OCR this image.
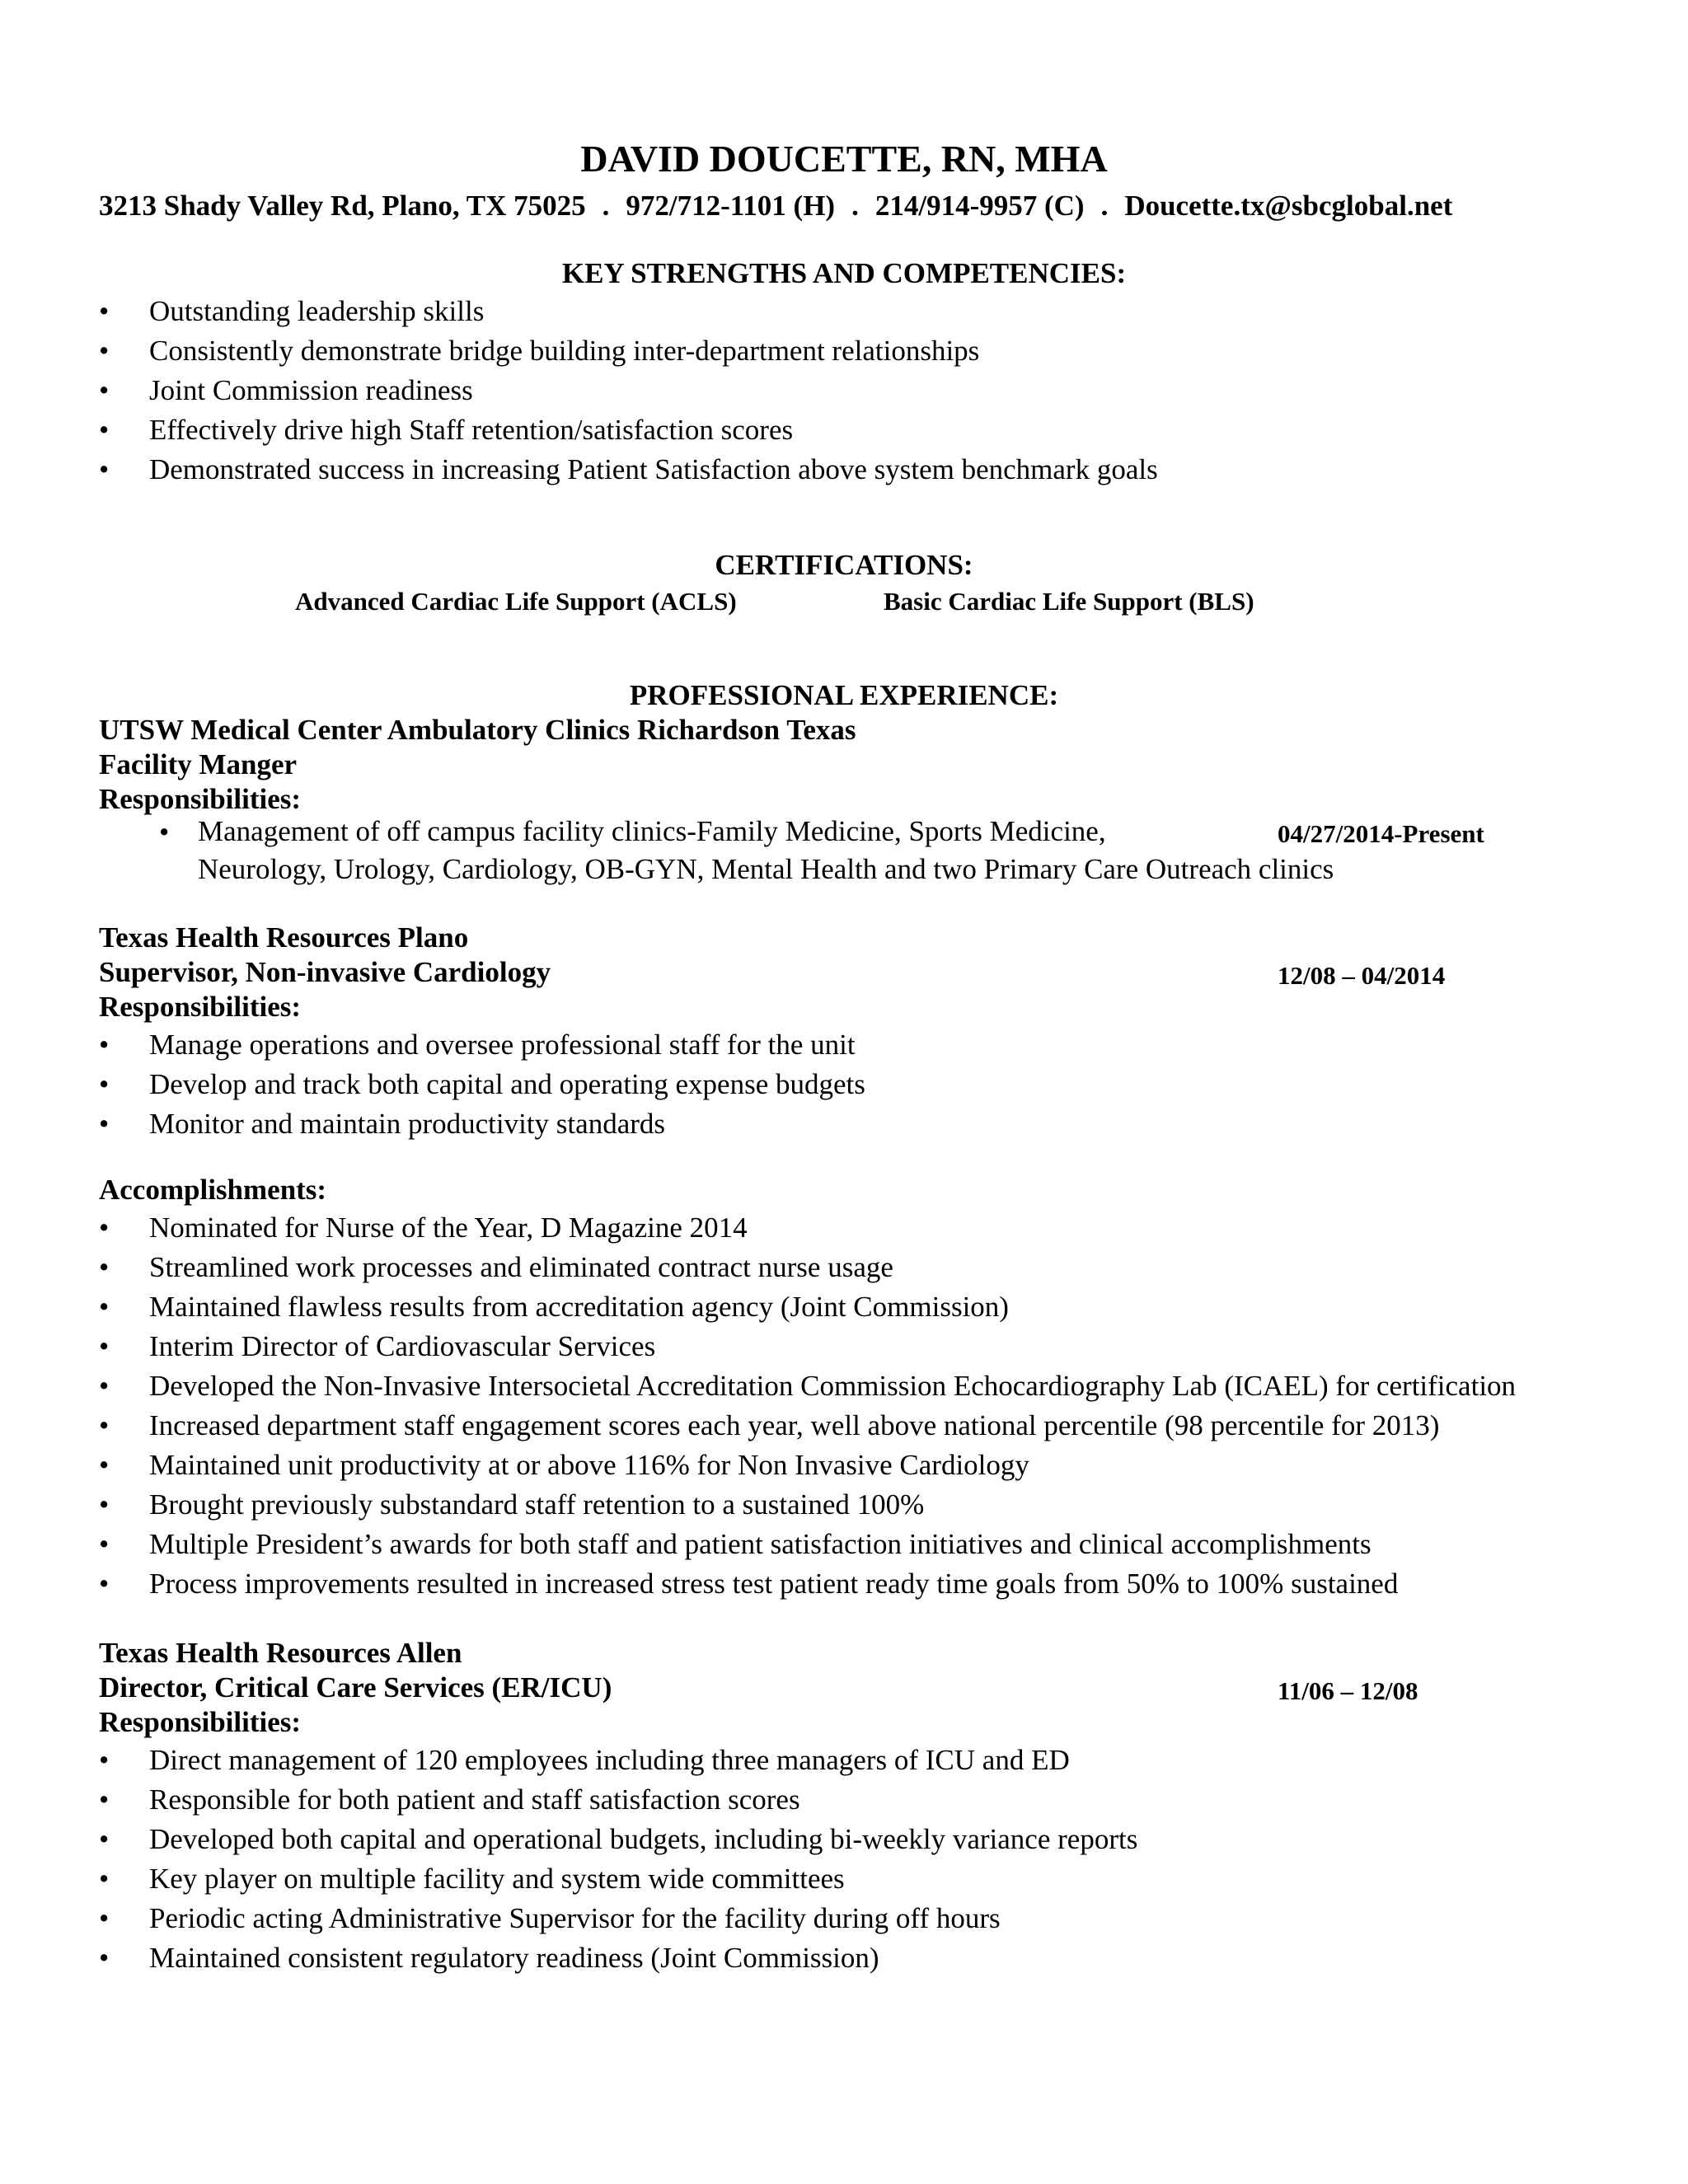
DAVID DOUCETTE, RN, MHA
3213 Shady Valley Rd, Plano, TX 75025 . 972/712-1101 (H) . 214/914-9957 (C) . Doucette.tx@sbcglobal.net
KEY STRENGTHS AND COMPETENCIES:
• Outstanding leadership skills
• Consistently demonstrate bridge building inter-department relationships
• Joint Commission readiness
• Effectively drive high Staff retention/satisfaction scores
• Demonstrated success in increasing Patient Satisfaction above system benchmark goals
CERTIFICATIONS:
Advanced Cardiac Life Support (ACLS)	Basic Cardiac Life Support (BLS)
PROFESSIONAL EXPERIENCE:
UTSW Medical Center Ambulatory Clinics Richardson Texas
Facility Manger
Responsibilities:
• Management of off campus facility clinics-Family Medicine, Sports Medicine,
Neurology, Urology, Cardiology, OB-GYN, Mental Health and two Primary Care Outreach clinics
04/27/2014-Present
Texas Health Resources Plano
Supervisor, Non-invasive Cardiology	12/08 – 04/2014
Responsibilities:
• Manage operations and oversee professional staff for the unit
• Develop and track both capital and operating expense budgets
• Monitor and maintain productivity standards
Accomplishments:
• Nominated for Nurse of the Year, D Magazine 2014
• Streamlined work processes and eliminated contract nurse usage
• Maintained flawless results from accreditation agency (Joint Commission)
• Interim Director of Cardiovascular Services
• Developed the Non-Invasive Intersocietal Accreditation Commission Echocardiography Lab (ICAEL) for certification
• Increased department staff engagement scores each year, well above national percentile (98 percentile for 2013)
• Maintained unit productivity at or above 116% for Non Invasive Cardiology
• Brought previously substandard staff retention to a sustained 100%
• Multiple President’s awards for both staff and patient satisfaction initiatives and clinical accomplishments
• Process improvements resulted in increased stress test patient ready time goals from 50% to 100% sustained
Texas Health Resources Allen
Director, Critical Care Services (ER/ICU)	11/06 – 12/08
Responsibilities:
• Direct management of 120 employees including three managers of ICU and ED
• Responsible for both patient and staff satisfaction scores
• Developed both capital and operational budgets, including bi-weekly variance reports
• Key player on multiple facility and system wide committees
• Periodic acting Administrative Supervisor for the facility during off hours
• Maintained consistent regulatory readiness (Joint Commission)
